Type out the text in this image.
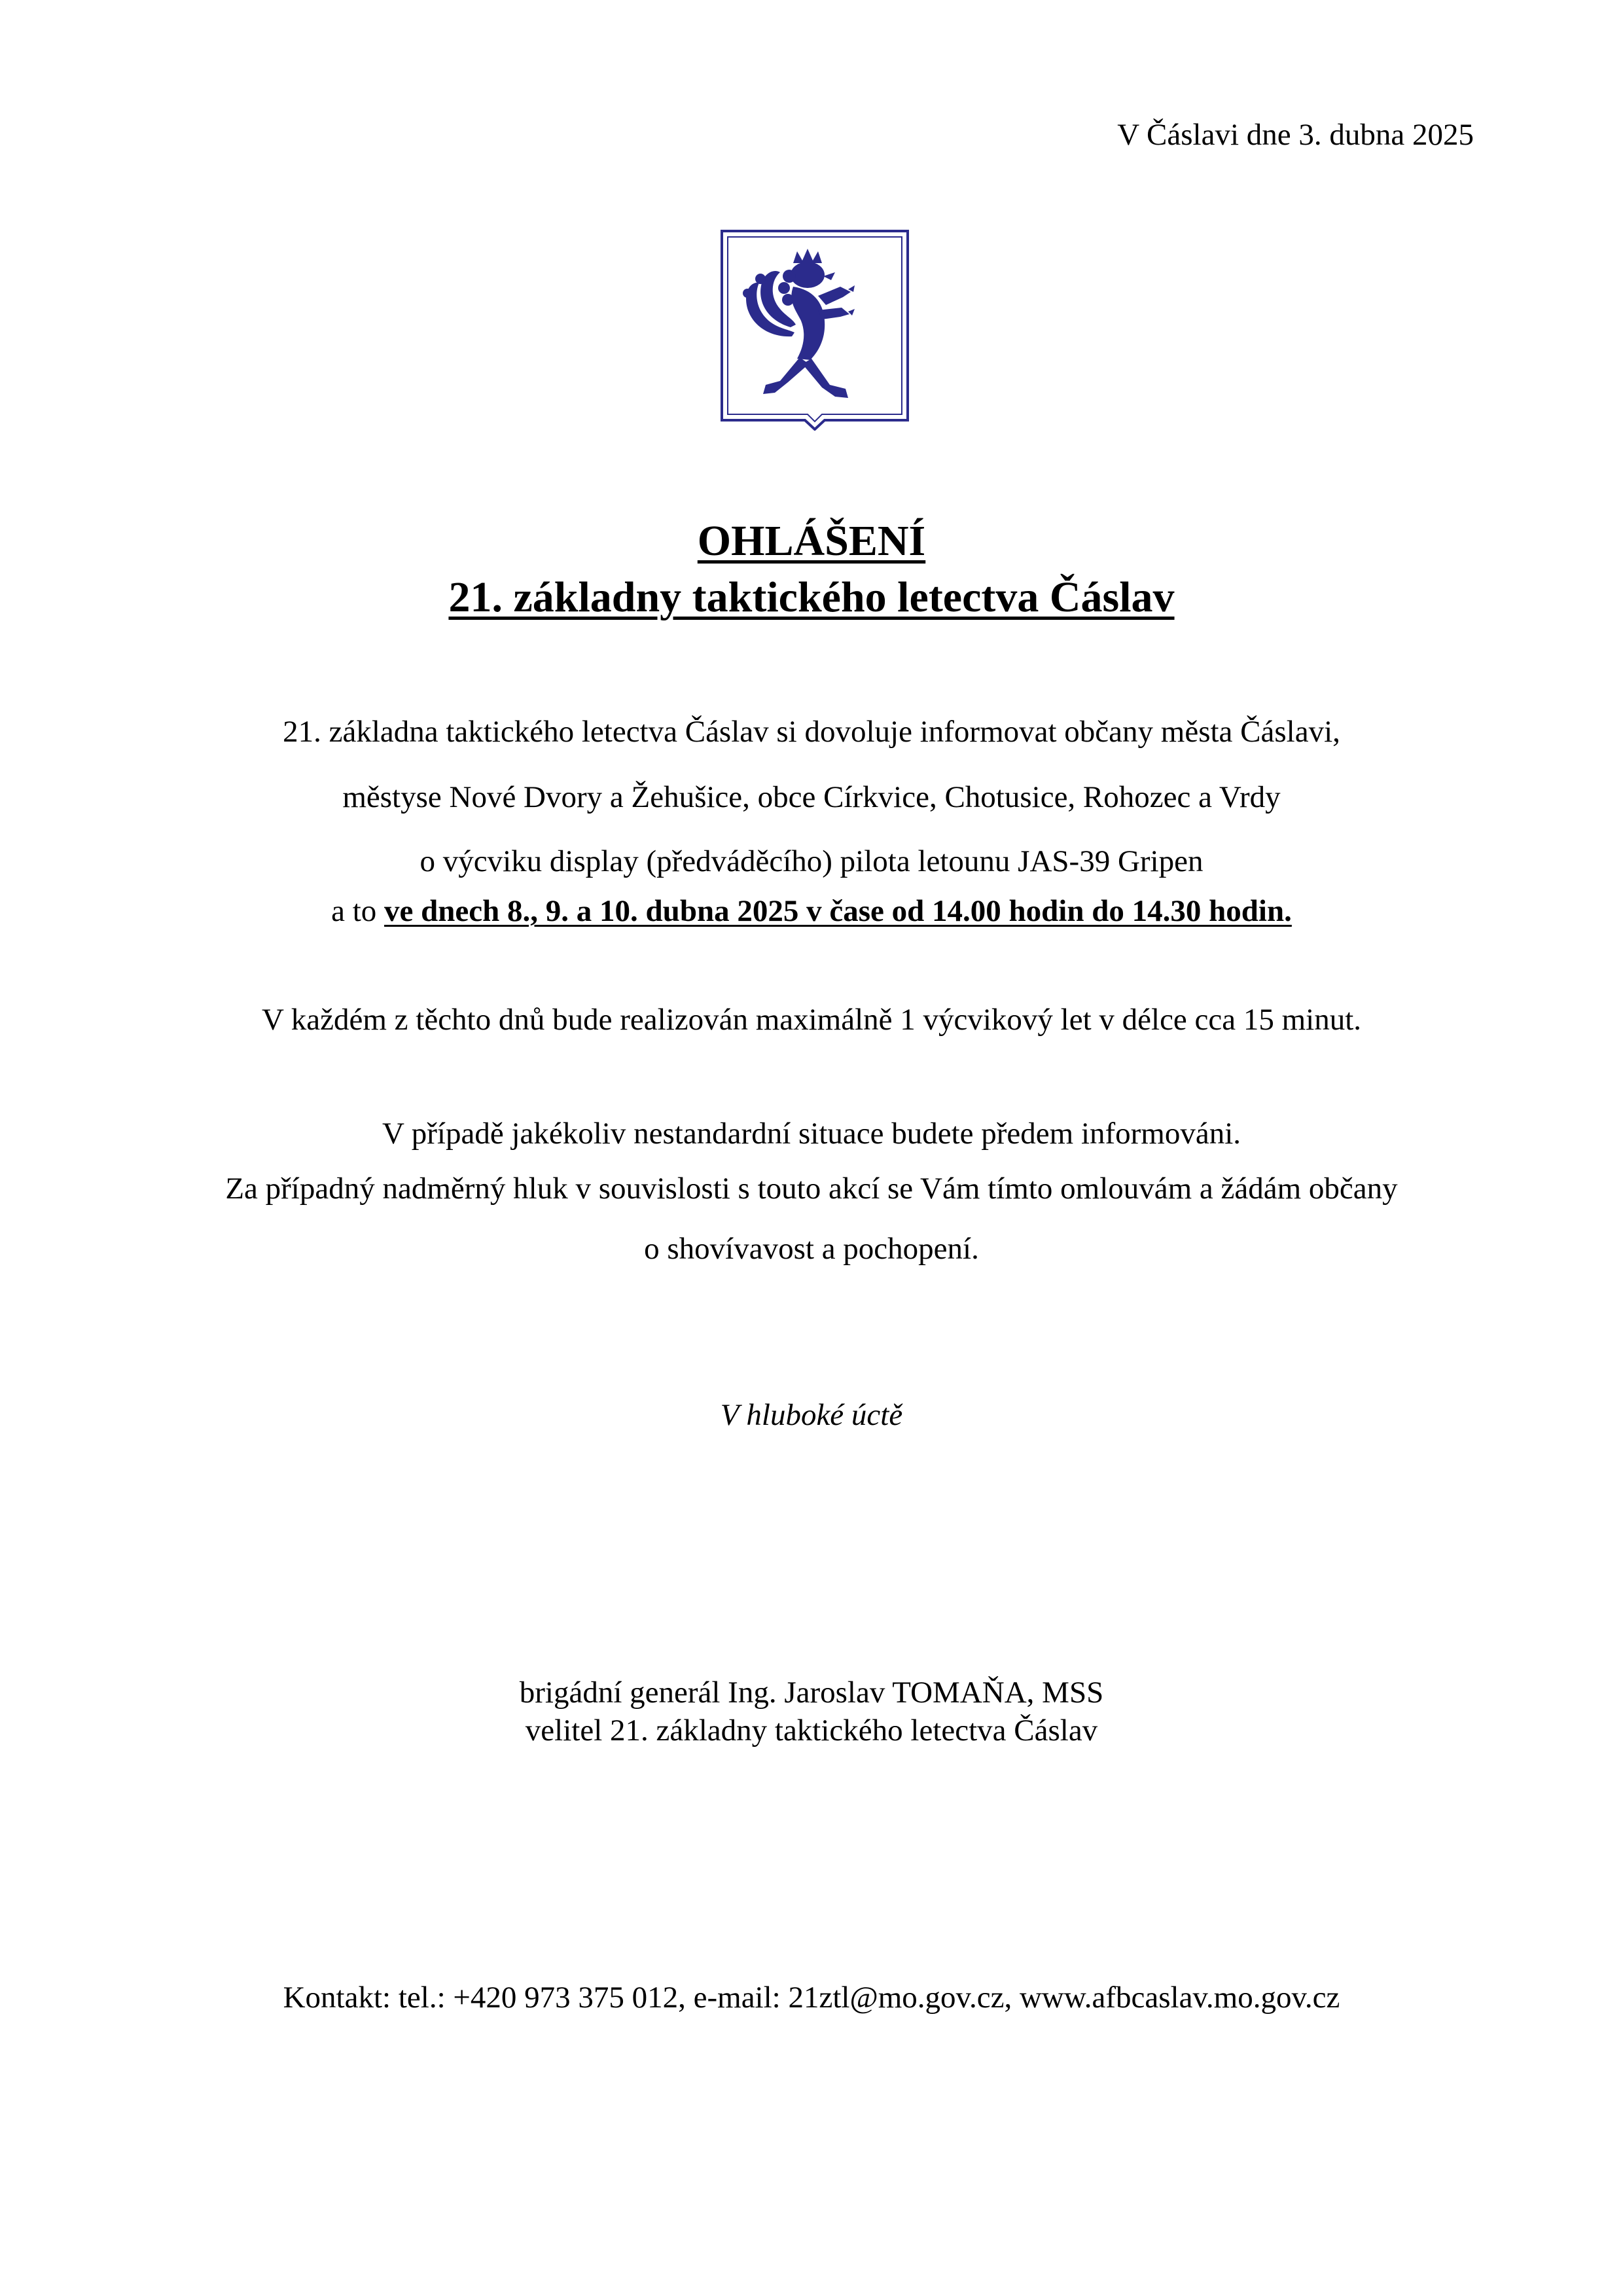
V Čáslavi dne 3. dubna 2025
OHLÁŠENÍ
21. základny taktického letectva Čáslav
21. základna taktického letectva Čáslav si dovoluje informovat občany města Čáslavi,
městyse Nové Dvory a Žehušice, obce Církvice, Chotusice, Rohozec a Vrdy
o výcviku display (předváděcího) pilota letounu JAS-39 Gripen
a to ve dnech 8., 9. a 10. dubna 2025 v čase od 14.00 hodin do 14.30 hodin.
V každém z těchto dnů bude realizován maximálně 1 výcvikový let v délce cca 15 minut.
V případě jakékoliv nestandardní situace budete předem informováni.
Za případný nadměrný hluk v souvislosti s touto akcí se Vám tímto omlouvám a žádám občany
o shovívavost a pochopení.
V hluboké úctě
brigádní generál Ing. Jaroslav TOMAŇA, MSS
velitel 21. základny taktického letectva Čáslav
Kontakt: tel.: +420 973 375 012, e-mail: 21ztl@mo.gov.cz, www.afbcaslav.mo.gov.cz
